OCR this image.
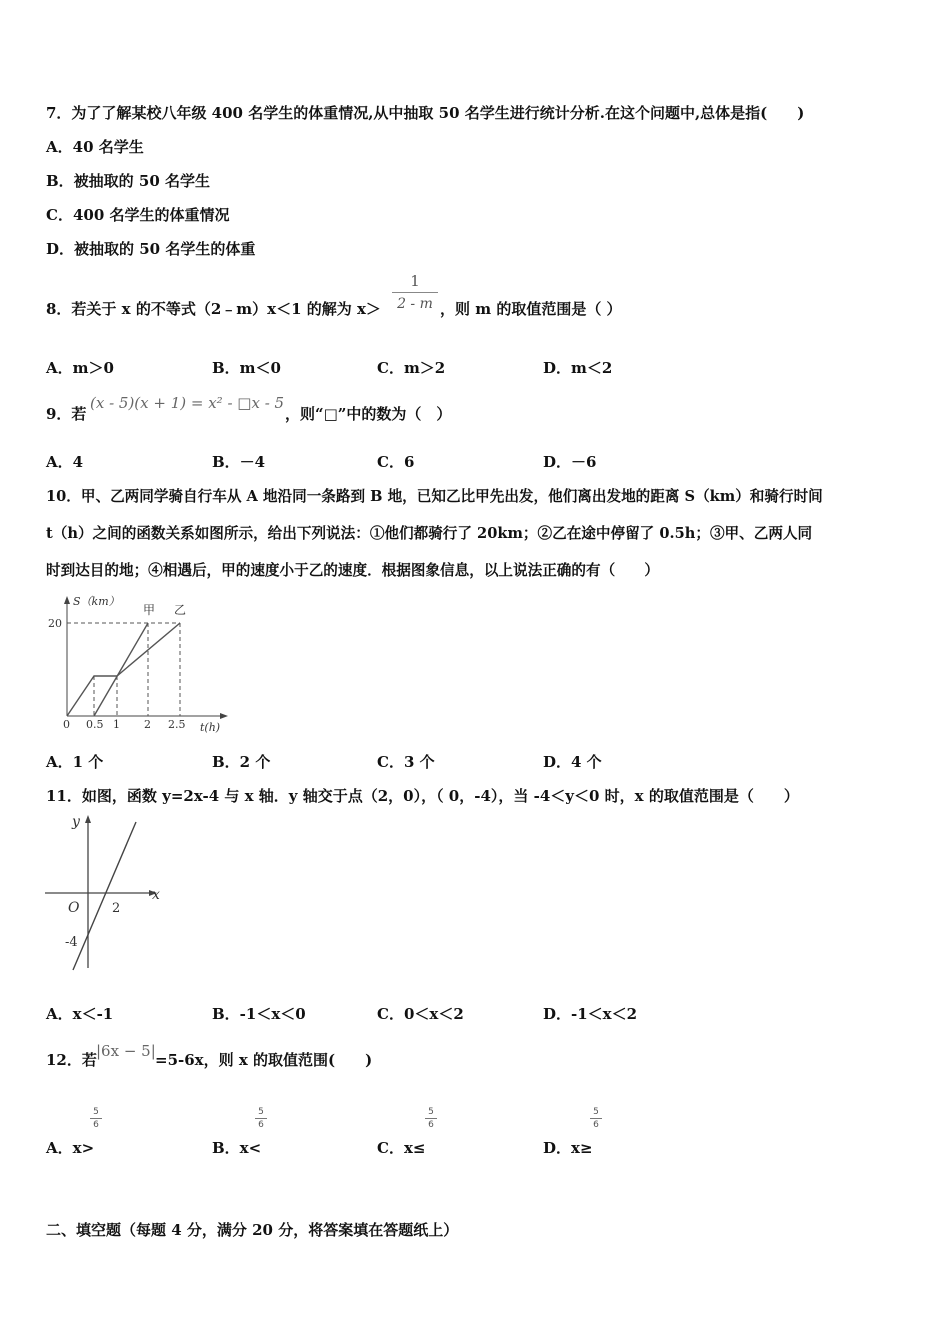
7．为了了解某校八年级 400 名学生的体重情况,从中抽取 50 名学生进行统计分析.在这个问题中,总体是指(　　)
A．40 名学生
B．被抽取的 50 名学生
C．400 名学生的体重情况
D．被抽取的 50 名学生的体重
8．若关于 x 的不等式（2﹣m）x＜1 的解为 x＞
1
2 - m ，则 m 的取值范围是（ ）
A．m＞0	B．m＜0	C．m＞2	D．m＜2
9．若
(x - 5)(x + 1) = x² - □x - 5
，则“□”中的数为（　）
A．4	B．－4	C．6	D．－6
10．甲、乙两同学骑自行车从 A 地沿同一条路到 B 地，已知乙比甲先出发，他们离出发地的距离 S（km）和骑行时间
t（h）之间的函数关系如图所示，给出下列说法：①他们都骑行了 20km；②乙在途中停留了 0.5h；③甲、乙两人同
时到达目的地；④相遇后，甲的速度小于乙的速度．根据图象信息，以上说法正确的有（　　）
S（km）
t(h)
20
0 0.5 1 2 2.5
甲 乙
A．1 个	B．2 个	C．3 个	D．4 个
11．如图，函数 y=2x-4 与 x 轴．y 轴交于点（2，0），（ 0，-4），当 -4＜y＜0 时，x 的取值范围是（　　）
y
x
O	2
-4
A．x＜-1	B．-1＜x＜0	C．0＜x＜2	D．-1＜x＜2
12．若 |6x − 5| =5-6x，则 x 的取值范围(　　)
A．x>
5
6
B．x<
5
6
C．x≤
5
6
D．x≥
5
6
二、填空题（每题 4 分，满分 20 分，将答案填在答题纸上）
